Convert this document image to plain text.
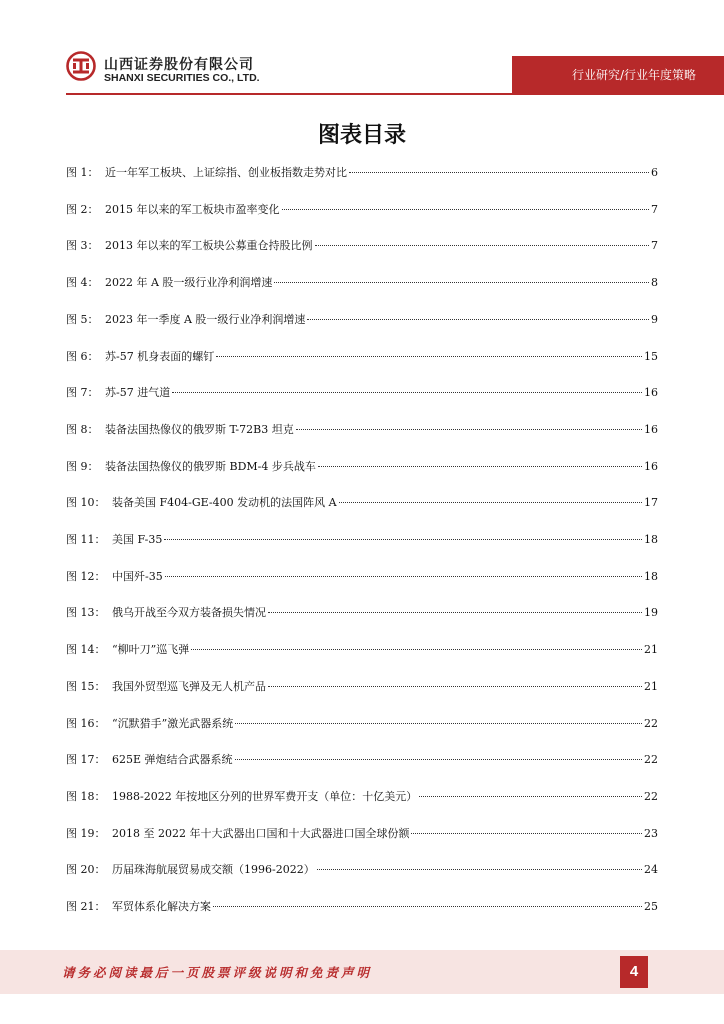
山西证券股份有限公司
SHANXI SECURITIES CO., LTD.	行业研究/行业年度策略
图表目录
图 1： 近一年军工板块、上证综指、创业板指数走势对比	6
图 2： 2015 年以来的军工板块市盈率变化	7
图 3： 2013 年以来的军工板块公募重仓持股比例	7
图 4： 2022 年 A 股一级行业净利润增速	8
图 5： 2023 年一季度 A 股一级行业净利润增速	9
图 6： 苏-57 机身表面的螺钉	15
图 7： 苏-57 进气道	16
图 8： 装备法国热像仪的俄罗斯 T-72B3 坦克	16
图 9： 装备法国热像仪的俄罗斯 BDM-4 步兵战车	16
图 10： 装备美国 F404-GE-400 发动机的法国阵风 A	17
图 11： 美国 F-35	18
图 12： 中国歼-35	18
图 13： 俄乌开战至今双方装备损失情况	19
图 14： “柳叶刀”巡飞弹	21
图 15： 我国外贸型巡飞弹及无人机产品	21
图 16： “沉默猎手”激光武器系统	22
图 17： 625E 弹炮结合武器系统	22
图 18： 1988-2022 年按地区分列的世界军费开支（单位：十亿美元）	22
图 19： 2018 至 2022 年十大武器出口国和十大武器进口国全球份额	23
图 20： 历届珠海航展贸易成交额（1996-2022）	24
图 21： 军贸体系化解决方案	25
请务必阅读最后一页股票评级说明和免责声明	4
